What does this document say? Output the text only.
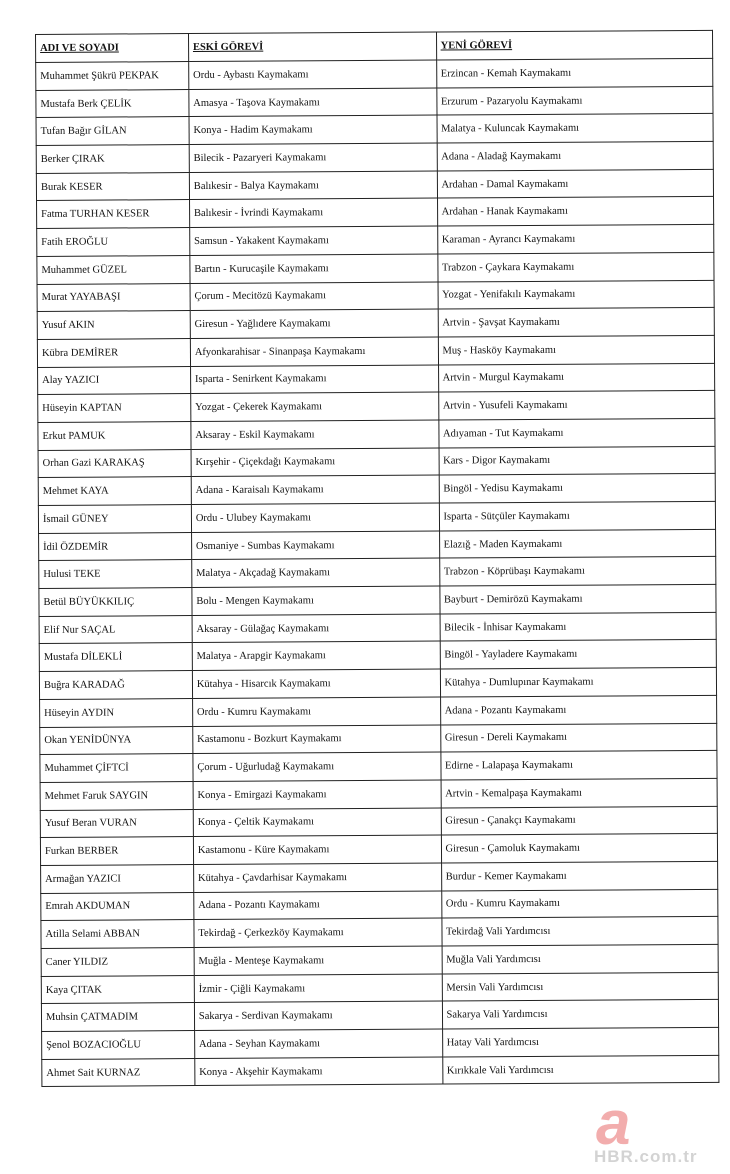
ADI VE SOYADI	ESKİ GÖREVİ	YENİ GÖREVİ
Muhammet Şükrü PEKPAK	Ordu - Aybastı Kaymakamı	Erzincan - Kemah Kaymakamı
Mustafa Berk ÇELİK	Amasya - Taşova Kaymakamı	Erzurum - Pazaryolu Kaymakamı
Tufan Bağır GİLAN	Konya - Hadim Kaymakamı	Malatya - Kuluncak Kaymakamı
Berker ÇIRAK	Bilecik - Pazaryeri Kaymakamı	Adana - Aladağ Kaymakamı
Burak KESER	Balıkesir - Balya Kaymakamı	Ardahan - Damal Kaymakamı
Fatma TURHAN KESER	Balıkesir - İvrindi Kaymakamı	Ardahan - Hanak Kaymakamı
Fatih EROĞLU	Samsun - Yakakent Kaymakamı	Karaman - Ayrancı Kaymakamı
Muhammet GÜZEL	Bartın - Kurucaşile Kaymakamı	Trabzon - Çaykara Kaymakamı
Murat YAYABAŞI	Çorum - Mecitözü Kaymakamı	Yozgat - Yenifakılı Kaymakamı
Yusuf AKIN	Giresun - Yağlıdere Kaymakamı	Artvin - Şavşat Kaymakamı
Kübra DEMİRER	Afyonkarahisar - Sinanpaşa Kaymakamı	Muş - Hasköy Kaymakamı
Alay YAZICI	Isparta - Senirkent Kaymakamı	Artvin - Murgul Kaymakamı
Hüseyin KAPTAN	Yozgat - Çekerek Kaymakamı	Artvin - Yusufeli Kaymakamı
Erkut PAMUK	Aksaray - Eskil Kaymakamı	Adıyaman - Tut Kaymakamı
Orhan Gazi KARAKAŞ	Kırşehir - Çiçekdağı Kaymakamı	Kars - Digor Kaymakamı
Mehmet KAYA	Adana - Karaisalı Kaymakamı	Bingöl - Yedisu Kaymakamı
İsmail GÜNEY	Ordu - Ulubey Kaymakamı	Isparta - Sütçüler Kaymakamı
İdil ÖZDEMİR	Osmaniye - Sumbas Kaymakamı	Elazığ - Maden Kaymakamı
Hulusi TEKE	Malatya - Akçadağ Kaymakamı	Trabzon - Köprübaşı Kaymakamı
Betül BÜYÜKKILIÇ	Bolu - Mengen Kaymakamı	Bayburt - Demirözü Kaymakamı
Elif Nur SAÇAL	Aksaray - Gülağaç Kaymakamı	Bilecik - İnhisar Kaymakamı
Mustafa DİLEKLİ	Malatya - Arapgir Kaymakamı	Bingöl - Yayladere Kaymakamı
Buğra KARADAĞ	Kütahya - Hisarcık Kaymakamı	Kütahya - Dumlupınar Kaymakamı
Hüseyin AYDIN	Ordu - Kumru Kaymakamı	Adana - Pozantı Kaymakamı
Okan YENİDÜNYA	Kastamonu - Bozkurt Kaymakamı	Giresun - Dereli Kaymakamı
Muhammet ÇİFTCİ	Çorum - Uğurludağ Kaymakamı	Edirne - Lalapaşa Kaymakamı
Mehmet Faruk SAYGIN	Konya - Emirgazi Kaymakamı	Artvin - Kemalpaşa Kaymakamı
Yusuf Beran VURAN	Konya - Çeltik Kaymakamı	Giresun - Çanakçı Kaymakamı
Furkan BERBER	Kastamonu - Küre Kaymakamı	Giresun - Çamoluk Kaymakamı
Armağan YAZICI	Kütahya - Çavdarhisar Kaymakamı	Burdur - Kemer Kaymakamı
Emrah AKDUMAN	Adana - Pozantı Kaymakamı	Ordu - Kumru Kaymakamı
Atilla Selami ABBAN	Tekirdağ - Çerkezköy Kaymakamı	Tekirdağ Vali Yardımcısı
Caner YILDIZ	Muğla - Menteşe Kaymakamı	Muğla Vali Yardımcısı
Kaya ÇITAK	İzmir - Çiğli Kaymakamı	Mersin Vali Yardımcısı
Muhsin ÇATMADIM	Sakarya - Serdivan Kaymakamı	Sakarya Vali Yardımcısı
Şenol BOZACIOĞLU	Adana - Seyhan Kaymakamı	Hatay Vali Yardımcısı
Ahmet Sait KURNAZ	Konya - Akşehir Kaymakamı	Kırıkkale Vali Yardımcısı
a
HBR.com.tr
